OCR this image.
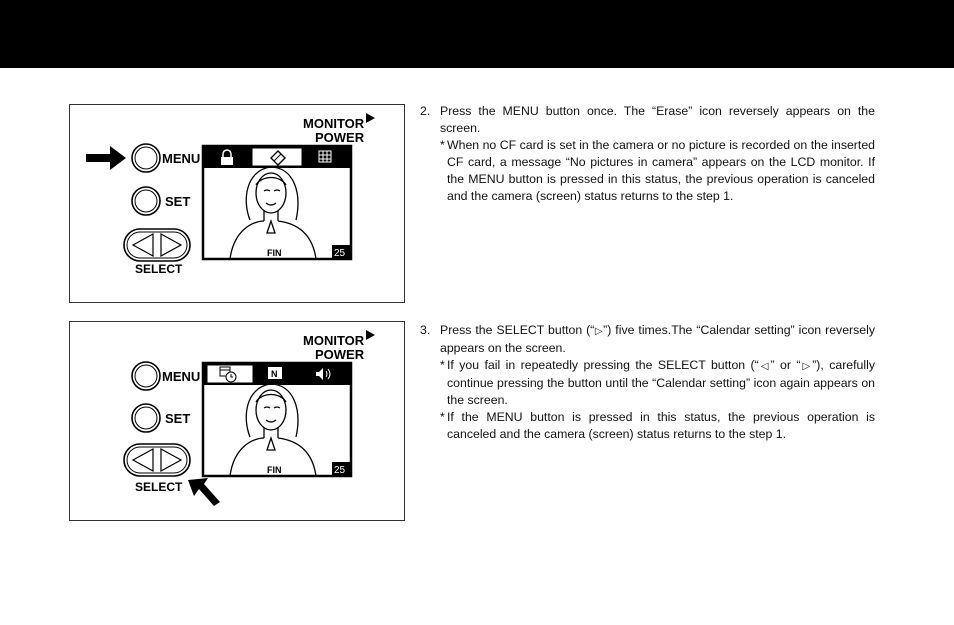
MONITOR
POWER
MENU
SET
SELECT
FIN	25
MONITOR
POWER
MENU
SET
SELECT
N
FIN	25
2. Press the MENU button once. The “Erase” icon reversely appears on the screen.

* When no CF card is set in the camera or no picture is recorded on the inserted CF card, a message “No pictures in camera” appears on the LCD monitor. If the MENU button is pressed in this status, the previous operation is canceled and the camera (screen) status returns to the step 1.

3. Press the SELECT button (“▷”) five times.The “Calendar setting” icon reversely appears on the screen.

* If you fail in repeatedly pressing the SELECT button (“◁” or “▷”), carefully continue pressing the button until the “Calendar setting” icon again appears on the screen.

* If the MENU button is pressed in this status, the previous operation is canceled and the camera (screen) status returns to the step 1.
